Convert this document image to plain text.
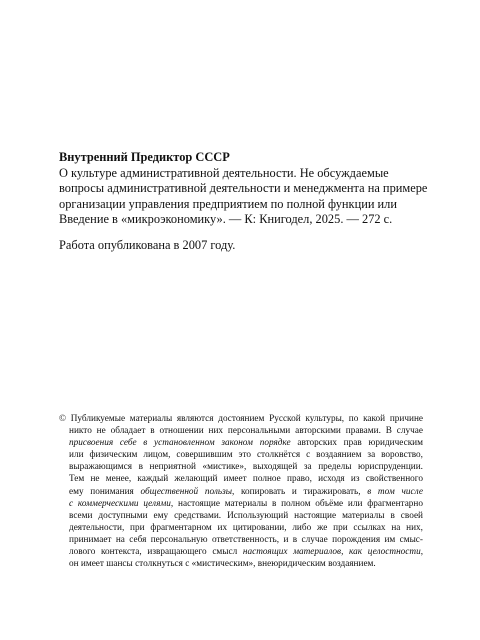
Внутренний Предиктор СССР
О культуре административной деятельности. Не обсуждаемые вопросы административной деятельности и менеджмента на примере организации управления предприятием по полной функции или Введение в «микроэкономику». — К: Книгодел, 2025. — 272 с.
Работа опубликована в 2007 году.
© Публикуемые материалы являются достоянием Русской культуры, по какой причине
никто не обладает в отношении них персональными авторскими правами. В случае
присвоения себе в установленном законом порядке авторских прав юридическим
или физическим лицом, совершившим это столкнётся с воздаянием за воровство,
выражающимся в неприятной «мистике», выходящей за пределы юриспруденции.
Тем не менее, каждый желающий имеет полное право, исходя из свойственного
ему понимания общественной пользы, копировать и тиражировать, в том числе
с коммерческими целями, настоящие материалы в полном объёме или фрагментарно
всеми доступными ему средствами. Использующий настоящие материалы в своей
деятельности, при фрагментарном их цитировании, либо же при ссылках на них,
принимает на себя персональную ответственность, и в случае порождения им смыс-
лового контекста, извращающего смысл настоящих материалов, как целостности,
он имеет шансы столкнуться с «мистическим», внеюридическим воздаянием.
